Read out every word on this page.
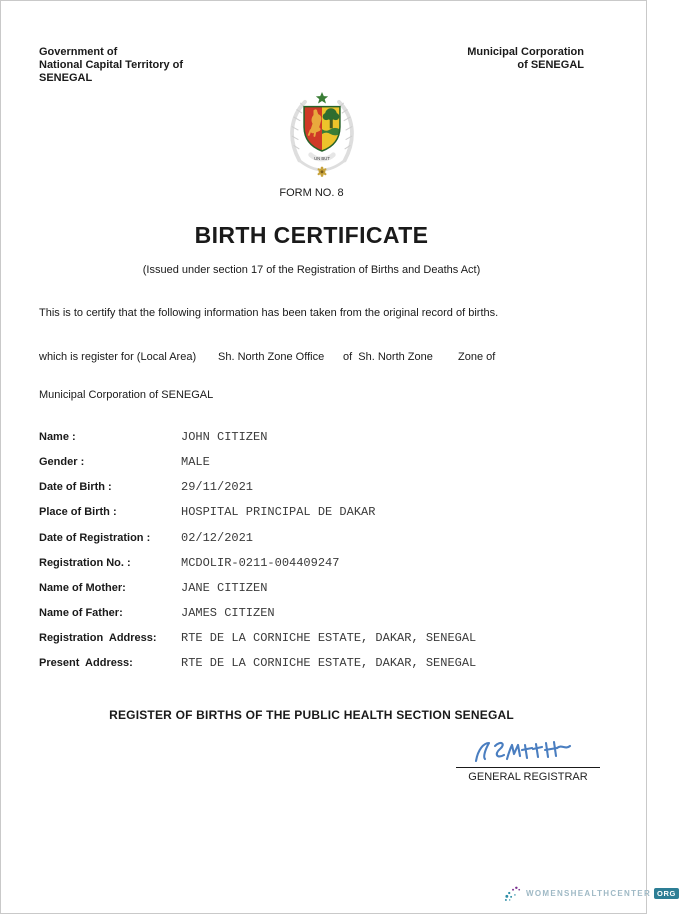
Government of
National Capital Territory of
SENEGAL
Municipal Corporation
of SENEGAL
UN BUT
FORM NO. 8
BIRTH CERTIFICATE
(Issued under section 17 of the Registration of Births and Deaths Act)
This is to certify that the following information has been taken from the original record of births.
which is register for (Local Area) Sh. North Zone Office of  Sh. North Zone Zone of
Municipal Corporation of SENEGAL
Name :	JOHN CITIZEN
Gender :	MALE
Date of Birth :	29/11/2021
Place of Birth :	HOSPITAL PRINCIPAL DE DAKAR
Date of Registration :	02/12/2021
Registration No. :	MCDOLIR-0211-004409247
Name of Mother:	JANE CITIZEN
Name of Father:	JAMES CITIZEN
Registration  Address:	RTE DE LA CORNICHE ESTATE, DAKAR, SENEGAL
Present  Address:	RTE DE LA CORNICHE ESTATE, DAKAR, SENEGAL
REGISTER OF BIRTHS OF THE PUBLIC HEALTH SECTION SENEGAL
GENERAL REGISTRAR
WOMENSHEALTHCENTER ORG
